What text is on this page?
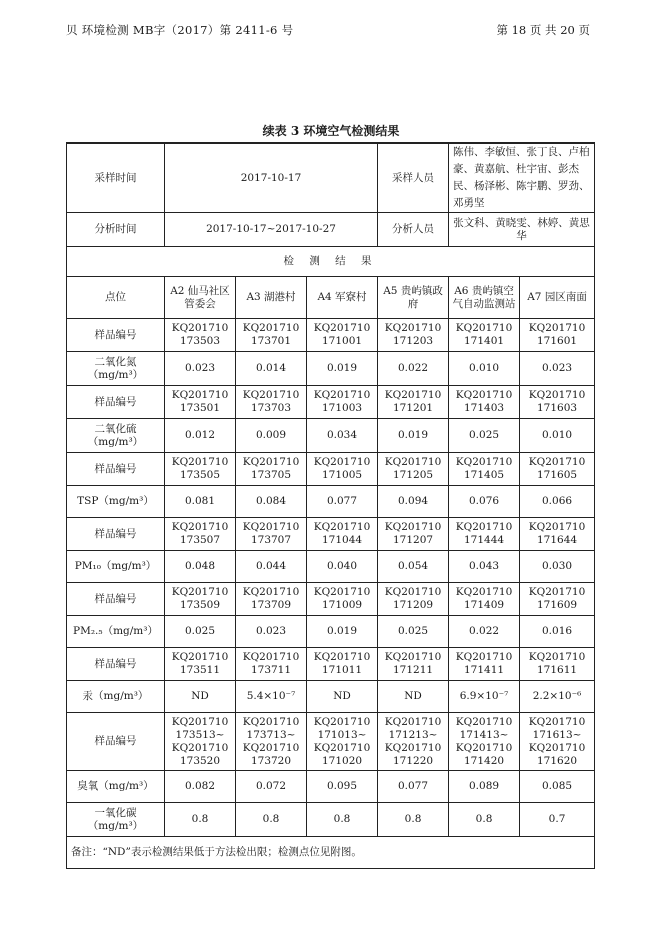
贝 环境检测 MB字（2017）第 2411-6 号	第 18 页 共 20 页
续表 3 环境空气检测结果
采样时间	2017-10-17			采样人员	陈伟、李敏恒、张丁良、卢柏豪、黄嘉航、杜宇宙、彭杰民、杨泽彬、陈宇鹏、罗劲、邓勇坚	
分析时间	2017-10-17~2017-10-27			分析人员	张文科、黄晓雯、林婷、黄思华	
检 测 结 果						
点位	A2 仙马社区管委会	A3 湖港村	A4 军寮村	A5 贵屿镇政府	A6 贵屿镇空气自动监测站	A7 园区南面
样品编号	KQ201710 173503	KQ201710 173701	KQ201710 171001	KQ201710 171203	KQ201710 171401	KQ201710 171601

二氧化氮
（mg/m³）	0.023	0.014	0.019	0.022	0.010	0.023
样品编号	KQ201710 173501	KQ201710 173703	KQ201710 171003	KQ201710 171201	KQ201710 171403	KQ201710 171603

二氧化硫
（mg/m³）	0.012	0.009	0.034	0.019	0.025	0.010
样品编号	KQ201710 173505	KQ201710 173705	KQ201710 171005	KQ201710 171205	KQ201710 171405	KQ201710 171605
TSP（mg/m³）	0.081	0.084	0.077	0.094	0.076	0.066
样品编号	KQ201710 173507	KQ201710 173707	KQ201710 171044	KQ201710 171207	KQ201710 171444	KQ201710 171644
PM₁₀（mg/m³）	0.048	0.044	0.040	0.054	0.043	0.030
样品编号	KQ201710 173509	KQ201710 173709	KQ201710 171009	KQ201710 171209	KQ201710 171409	KQ201710 171609
PM₂.₅（mg/m³）	0.025	0.023	0.019	0.025	0.022	0.016
样品编号	KQ201710 173511	KQ201710 173711	KQ201710 171011	KQ201710 171211	KQ201710 171411	KQ201710 171611
汞（mg/m³）	ND	5.4×10⁻⁷	ND	ND	6.9×10⁻⁷	2.2×10⁻⁶
样品编号	KQ201710 173513~ KQ201710 173520	KQ201710 173713~ KQ201710 173720	KQ201710 171013~ KQ201710 171020	KQ201710 171213~ KQ201710 171220	KQ201710 171413~ KQ201710 171420	KQ201710 171613~ KQ201710 171620
臭氧（mg/m³）	0.082	0.072	0.095	0.077	0.089	0.085

一氧化碳
（mg/m³）	0.8	0.8	0.8	0.8	0.8	0.7
备注：“ND”表示检测结果低于方法检出限；检测点位见附图。						
